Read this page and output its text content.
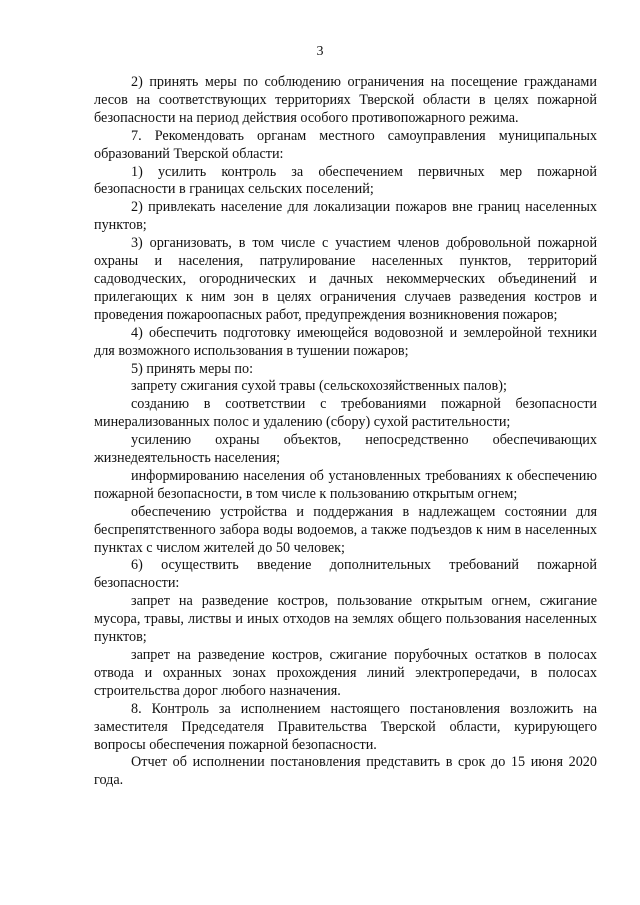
3

2) принять меры по соблюдению ограничения на посещение гражданами лесов на соответствующих территориях Тверской области в целях пожарной безопасности на период действия особого противопожарного режима.

7. Рекомендовать органам местного самоуправления муниципальных образований Тверской области:

1) усилить контроль за обеспечением первичных мер пожарной безопасности в границах сельских поселений;

2) привлекать население для локализации пожаров вне границ населенных пунктов;

3) организовать, в том числе с участием членов добровольной пожарной охраны и населения, патрулирование населенных пунктов, территорий садоводческих, огороднических и дачных некоммерческих объединений и прилегающих к ним зон в целях ограничения случаев разведения костров и проведения пожароопасных работ, предупреждения возникновения пожаров;

4) обеспечить подготовку имеющейся водовозной и землеройной техники для возможного использования в тушении пожаров;

5) принять меры по:

запрету сжигания сухой травы (сельскохозяйственных палов);

созданию в соответствии с требованиями пожарной безопасности минерализованных полос и удалению (сбору) сухой растительности;

усилению охраны объектов, непосредственно обеспечивающих жизнедеятельность населения;

информированию населения об установленных требованиях к обеспечению пожарной безопасности, в том числе к пользованию открытым огнем;

обеспечению устройства и поддержания в надлежащем состоянии для беспрепятственного забора воды водоемов, а также подъездов к ним в населенных пунктах с числом жителей до 50 человек;

6) осуществить введение дополнительных требований пожарной безопасности:

запрет на разведение костров, пользование открытым огнем, сжигание мусора, травы, листвы и иных отходов на землях общего пользования населенных пунктов;

запрет на разведение костров, сжигание порубочных остатков в полосах отвода и охранных зонах прохождения линий электропередачи, в полосах строительства дорог любого назначения.

8. Контроль за исполнением настоящего постановления возложить на заместителя Председателя Правительства Тверской области, курирующего вопросы обеспечения пожарной безопасности.

Отчет об исполнении постановления представить в срок до 15 июня 2020 года.
